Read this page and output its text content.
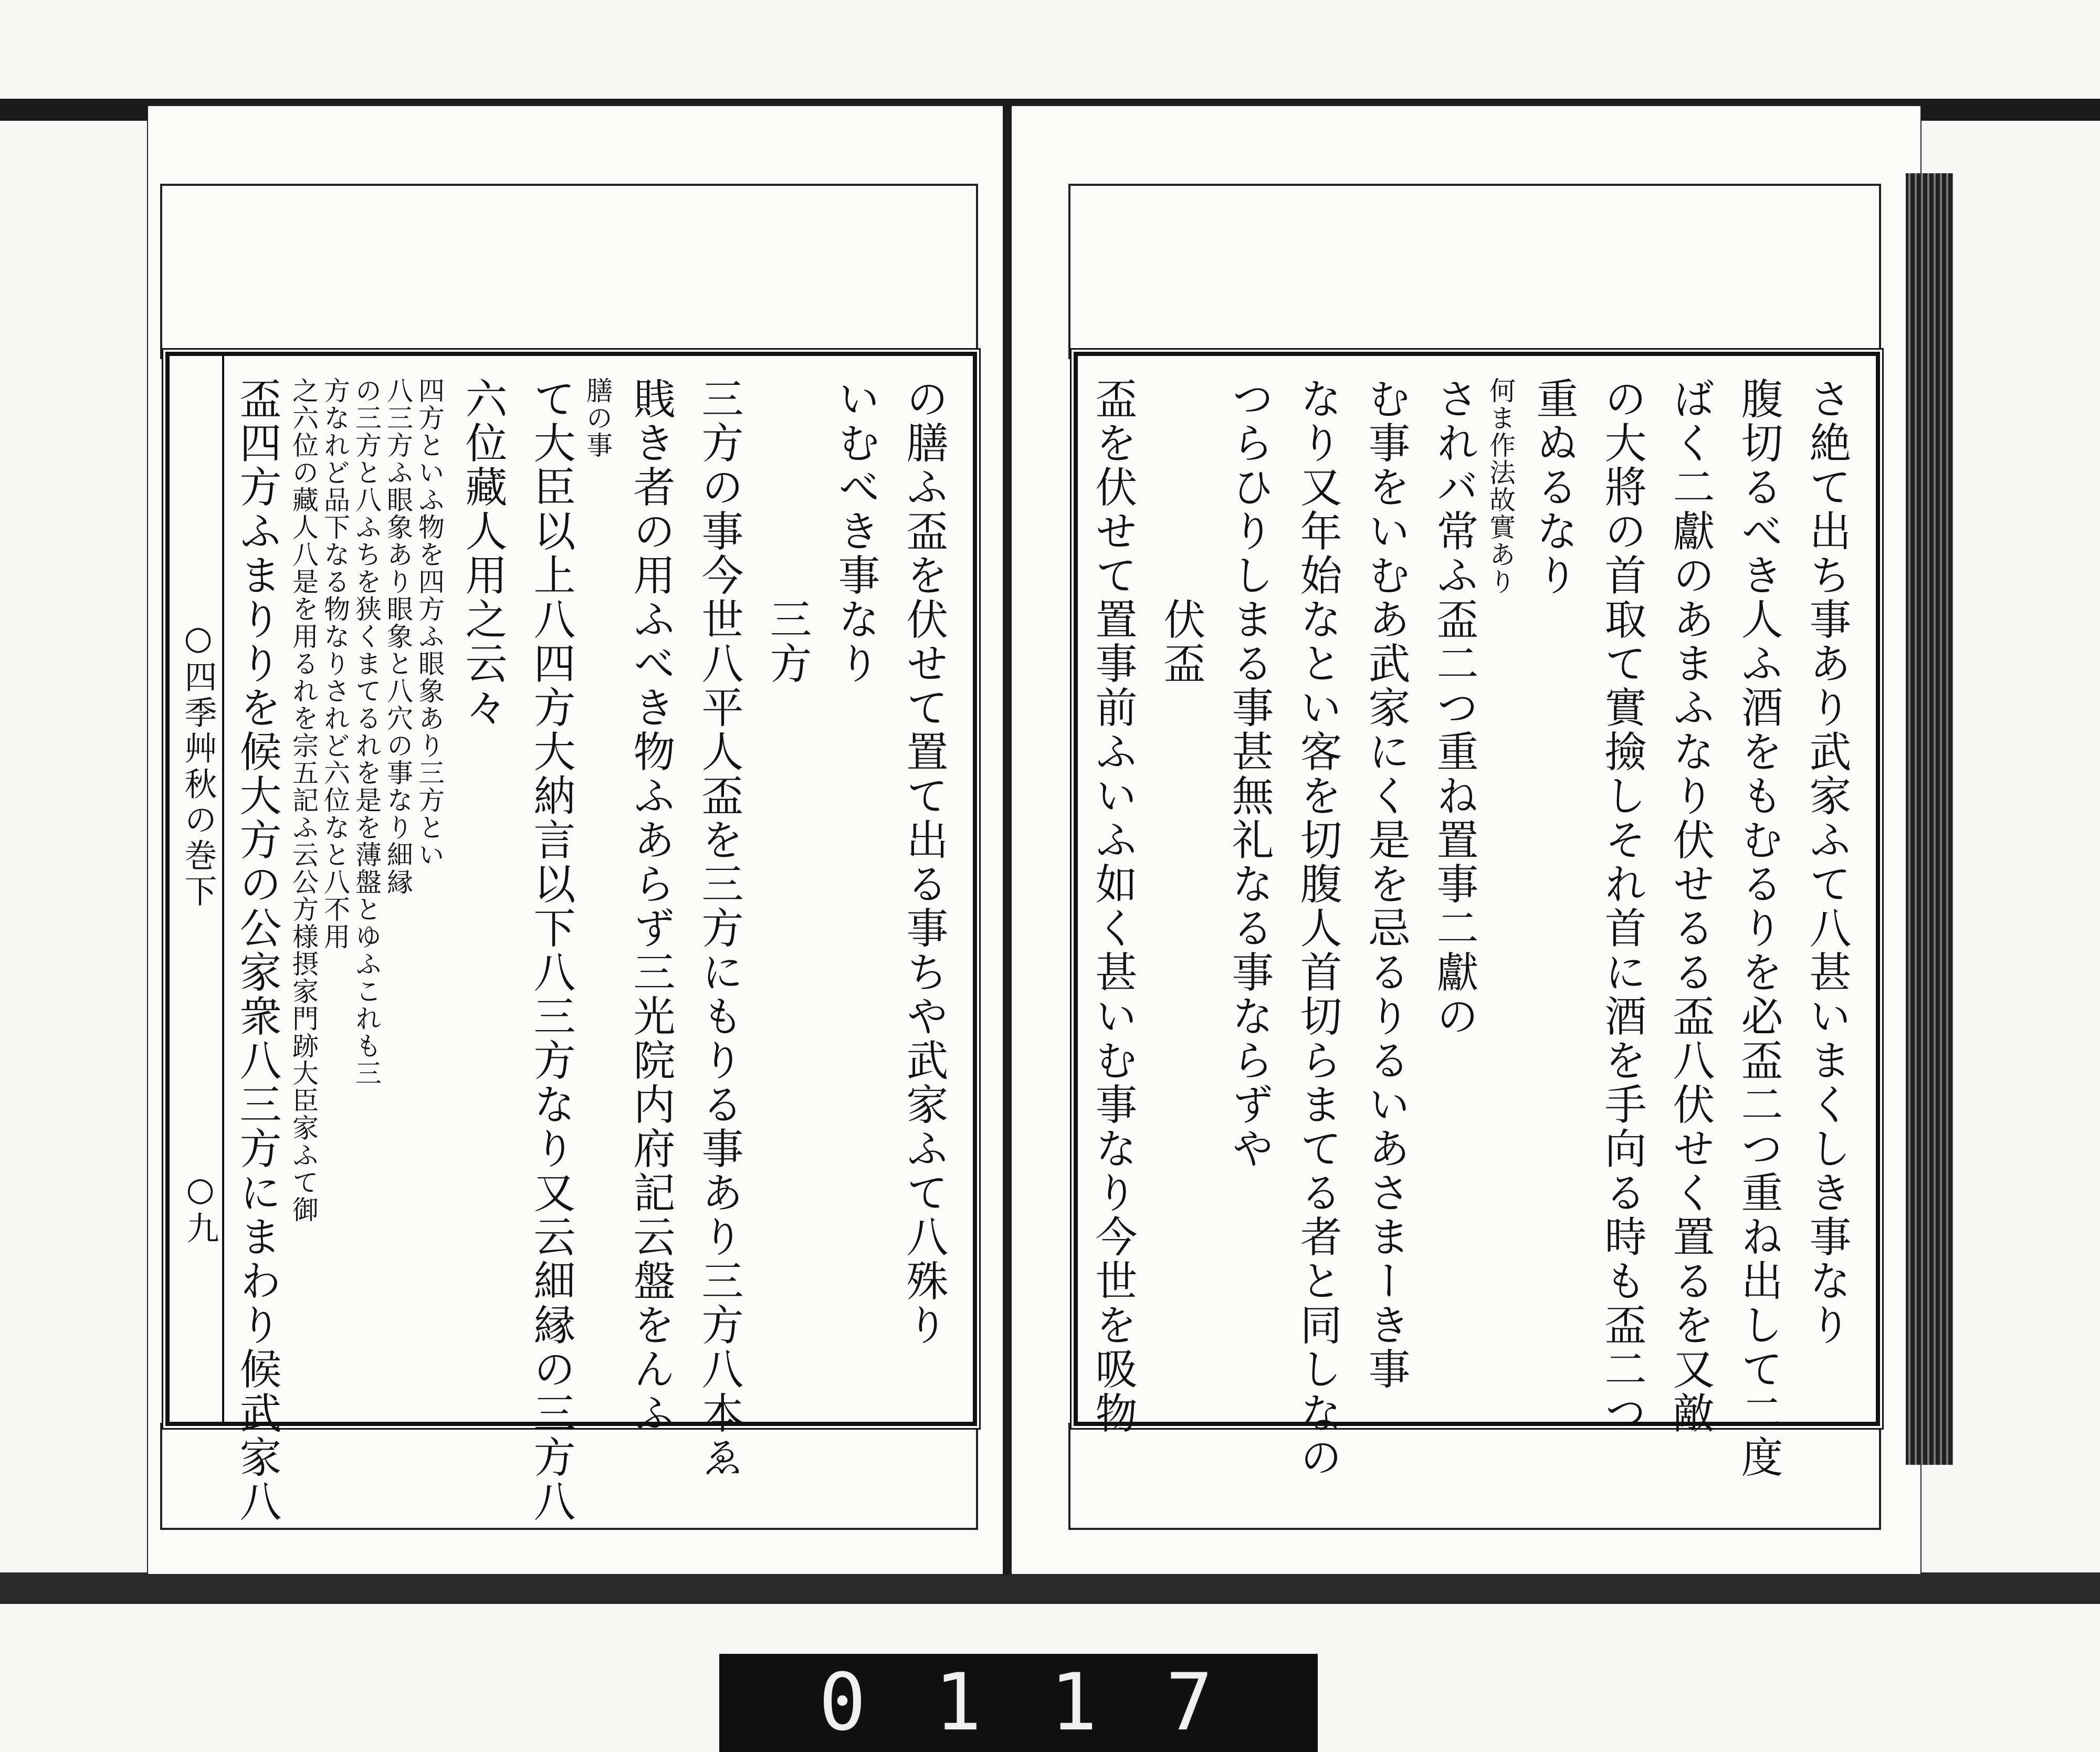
○四季艸秋の巻下
○九	の膳ふ盃を伏せて置て出る事ちや武家ふて八殊り
いむべき事なり
三方
三方の事今世八平人盃を三方にもりる事あり三方八本ゑ
賎き者の用ふべき物ふあらず三光院内府記云盤をんふ
膳の事
て大臣以上八四方大納言以下八三方なり又云細縁の三方八
六位藏人用之云々
四方といふ物を四方ふ眼象あり三方とい
八三方ふ眼象あり眼象と八穴の事なり細縁
の三方と八ふちを狭くまてるれを是を薄盤とゆふこれも三
方なれど品下なる物なりされど六位なと八不用
之六位の藏人八是を用るれを宗五記ふ云公方様摂家門跡大臣家ふて御
盃四方ふまりりを候大方の公家衆八三方にまわり候武家八	さ絶て出ち事あり武家ふて八甚いまくしき事なり
腹切るべき人ふ酒をもむるりを必盃二つ重ね出して二度
ばく二獻のあまふなり伏せるる盃八伏せく置るを又敵
の大將の首取て實撿しそれ首に酒を手向る時も盃二つ
重ぬるなり
何ま作法故實あり
されバ常ふ盃二つ重ね置事二獻の
む事をいむあ武家にく是を忌るりるいあさまーき事
なり又年始なとい客を切腹人首切らまてる者と同しなの
つらひりしまる事甚無礼なる事ならずや
伏盃
盃を伏せて置事前ふいふ如く甚いむ事なり今世を吸物
0117
